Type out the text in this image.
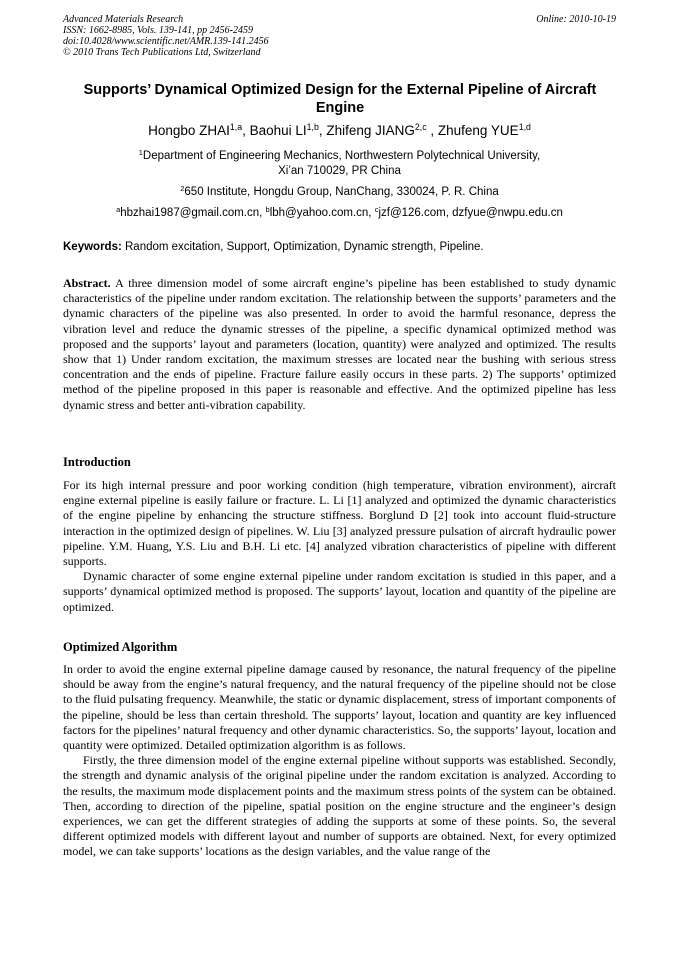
Advanced Materials Research
ISSN: 1662-8985, Vols. 139-141, pp 2456-2459
doi:10.4028/www.scientific.net/AMR.139-141.2456
© 2010 Trans Tech Publications Ltd, Switzerland
Online: 2010-10-19
Supports’ Dynamical Optimized Design for the External Pipeline of Aircraft Engine
Hongbo ZHAI$^{1,a}$, Baohui LI$^{1,b}$, Zhifeng JIANG$^{2,c}$ , Zhufeng YUE$^{1,d}$
$^1$Department of Engineering Mechanics, Northwestern Polytechnical University,
Xi’an 710029, PR China
$^2$650 Institute, Hongdu Group, NanChang, 330024, P. R. China
$^a$hbzhai1987@gmail.com.cn, $^b$lbh@yahoo.com.cn, $^c$jzf@126.com, dzfyue@nwpu.edu.cn
Keywords: Random excitation, Support, Optimization, Dynamic strength, Pipeline.

Abstract. A three dimension model of some aircraft engine’s pipeline has been established to study dynamic characteristics of the pipeline under random excitation. The relationship between the supports’ parameters and the dynamic characters of the pipeline was also presented. In order to avoid the harmful resonance, depress the vibration level and reduce the dynamic stresses of the pipeline, a specific dynamical optimized method was proposed and the supports’ layout and parameters (location, quantity) were analyzed and optimized. The results show that 1) Under random excitation, the maximum stresses are located near the bushing with serious stress concentration and the ends of pipeline. Fracture failure easily occurs in these parts. 2) The supports’ optimized method of the pipeline proposed in this paper is reasonable and effective. And the optimized pipeline has less dynamic stress and better anti-vibration capability.

Introduction

For its high internal pressure and poor working condition (high temperature, vibration environment), aircraft engine external pipeline is easily failure or fracture. L. Li [1] analyzed and optimized the dynamic characteristics of the engine pipeline by enhancing the structure stiffness. Borglund D [2] took into account fluid-structure interaction in the optimized design of pipelines. W. Liu [3] analyzed pressure pulsation of aircraft hydraulic power pipeline. Y.M. Huang, Y.S. Liu and B.H. Li etc. [4] analyzed vibration characteristics of pipeline with different supports.

Dynamic character of some engine external pipeline under random excitation is studied in this paper, and a supports’ dynamical optimized method is proposed. The supports’ layout, location and quantity of the pipeline are optimized.

Optimized Algorithm

In order to avoid the engine external pipeline damage caused by resonance, the natural frequency of the pipeline should be away from the engine’s natural frequency, and the natural frequency of the pipeline should not be close to the fluid pulsating frequency. Meanwhile, the static or dynamic displacement, stress of important components of the pipeline, should be less than certain threshold. The supports’ layout, location and quantity are key influenced factors for the pipelines’ natural frequency and other dynamic characteristics. So, the supports’ layout, location and quantity were optimized. Detailed optimization algorithm is as follows.

Firstly, the three dimension model of the engine external pipeline without supports was established. Secondly, the strength and dynamic analysis of the original pipeline under the random excitation is analyzed. According to the results, the maximum mode displacement points and the maximum stress points of the system can be obtained. Then, according to direction of the pipeline, spatial position on the engine structure and the engineer’s design experiences, we can get the different strategies of adding the supports at some of these points. So, the several different optimized models with different layout and number of supports are obtained. Next, for every optimized model, we can take supports’ locations as the design variables, and the value range of the
